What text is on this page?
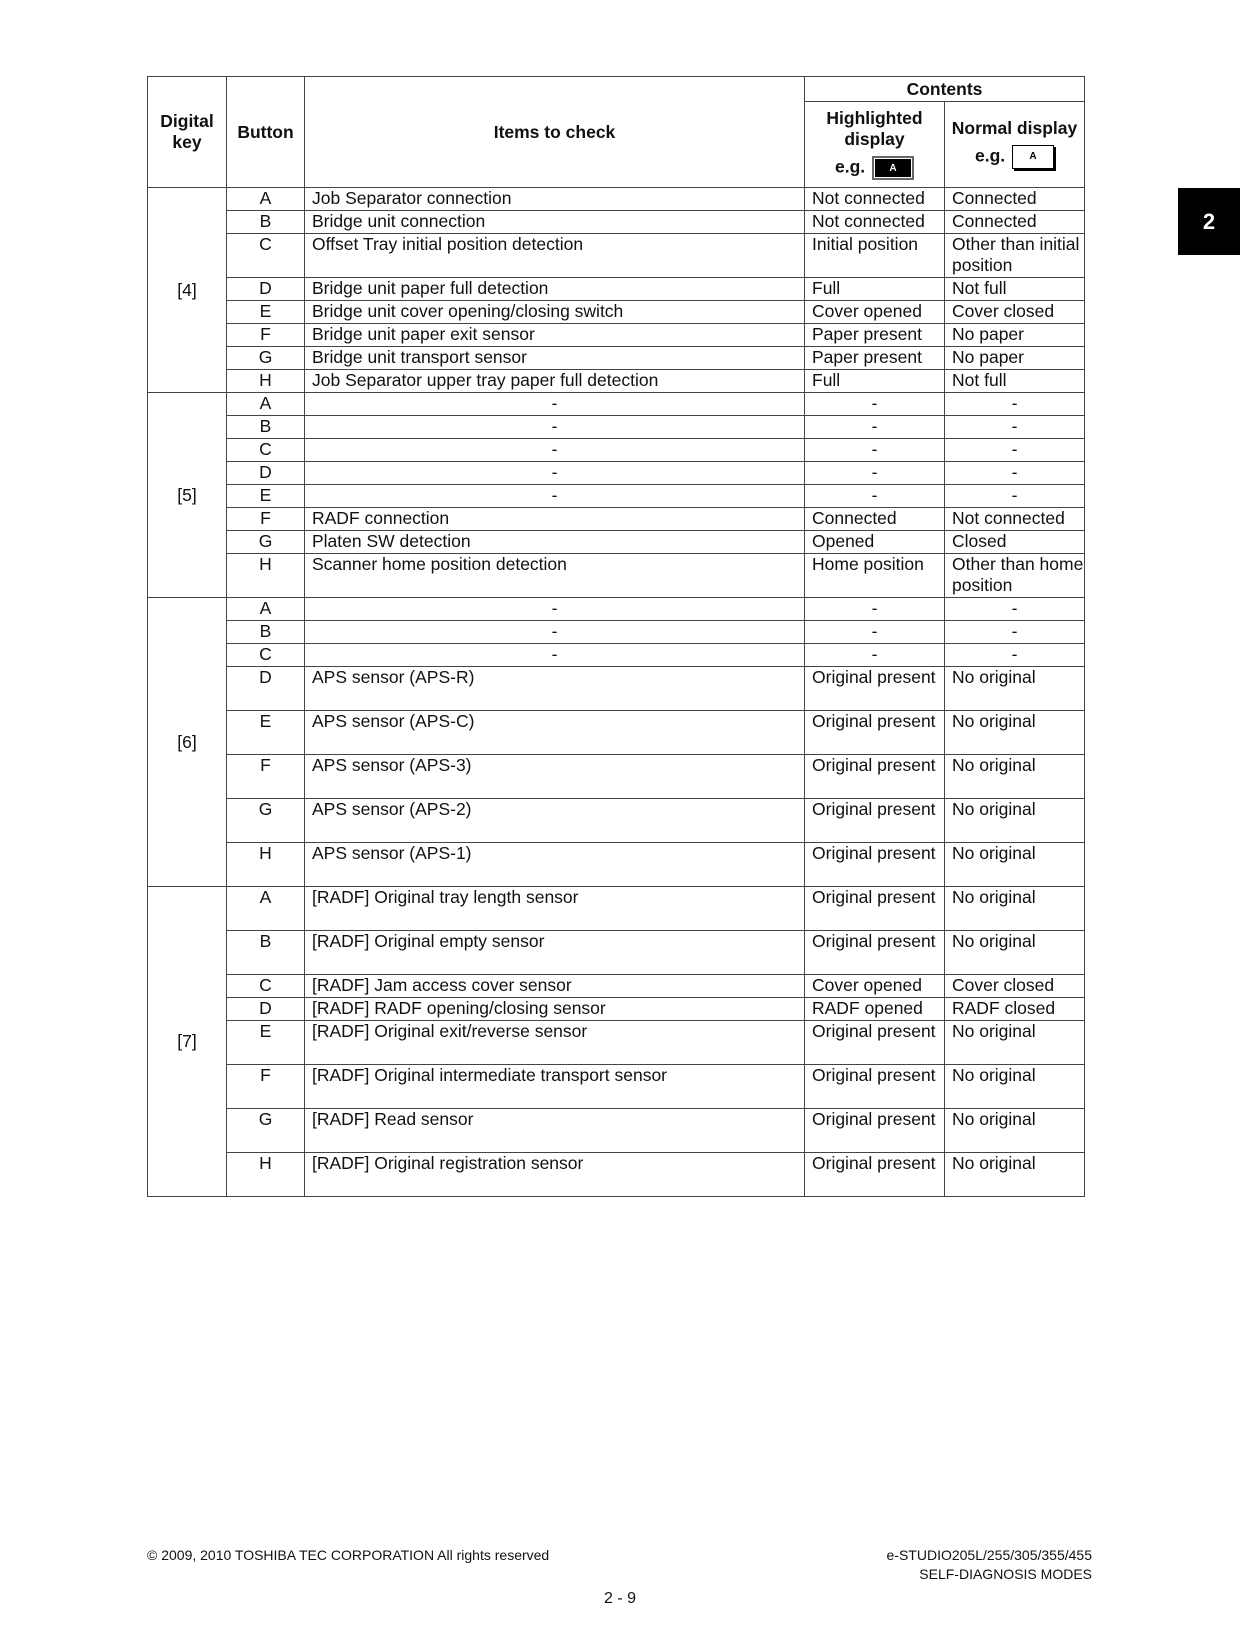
2
Digital key	Button	Items to check	Contents	
			Highlighted display
e.g. A	Normal display
e.g. A

[4]	A	Job Separator connection	Not connected	Connected
	B	Bridge unit connection	Not connected	Connected
	C	Offset Tray initial position detection	Initial position	Other than initial position
	D	Bridge unit paper full detection	Full	Not full
	E	Bridge unit cover opening/closing switch	Cover opened	Cover closed
	F	Bridge unit paper exit sensor	Paper present	No paper
	G	Bridge unit transport sensor	Paper present	No paper
	H	Job Separator upper tray paper full detection	Full	Not full
[5]	A	-	-	-
	B	-	-	-
	C	-	-	-
	D	-	-	-
	E	-	-	-
	F	RADF connection	Connected	Not connected
	G	Platen SW detection	Opened	Closed
	H	Scanner home position detection	Home position	Other than home position
[6]	A	-	-	-
	B	-	-	-
	C	-	-	-
	D	APS sensor (APS-R)	Original present	No original
	E	APS sensor (APS-C)	Original present	No original
	F	APS sensor (APS-3)	Original present	No original
	G	APS sensor (APS-2)	Original present	No original
	H	APS sensor (APS-1)	Original present	No original
[7]	A	[RADF] Original tray length sensor	Original present	No original
	B	[RADF] Original empty sensor	Original present	No original
	C	[RADF] Jam access cover sensor	Cover opened	Cover closed
	D	[RADF] RADF opening/closing sensor	RADF opened	RADF closed
	E	[RADF] Original exit/reverse sensor	Original present	No original
	F	[RADF] Original intermediate transport sensor	Original present	No original
	G	[RADF] Read sensor	Original present	No original
	H	[RADF] Original registration sensor	Original present	No original
© 2009, 2010 TOSHIBA TEC CORPORATION All rights reserved	e-STUDIO205L/255/305/355/455
SELF-DIAGNOSIS MODES
2 - 9
